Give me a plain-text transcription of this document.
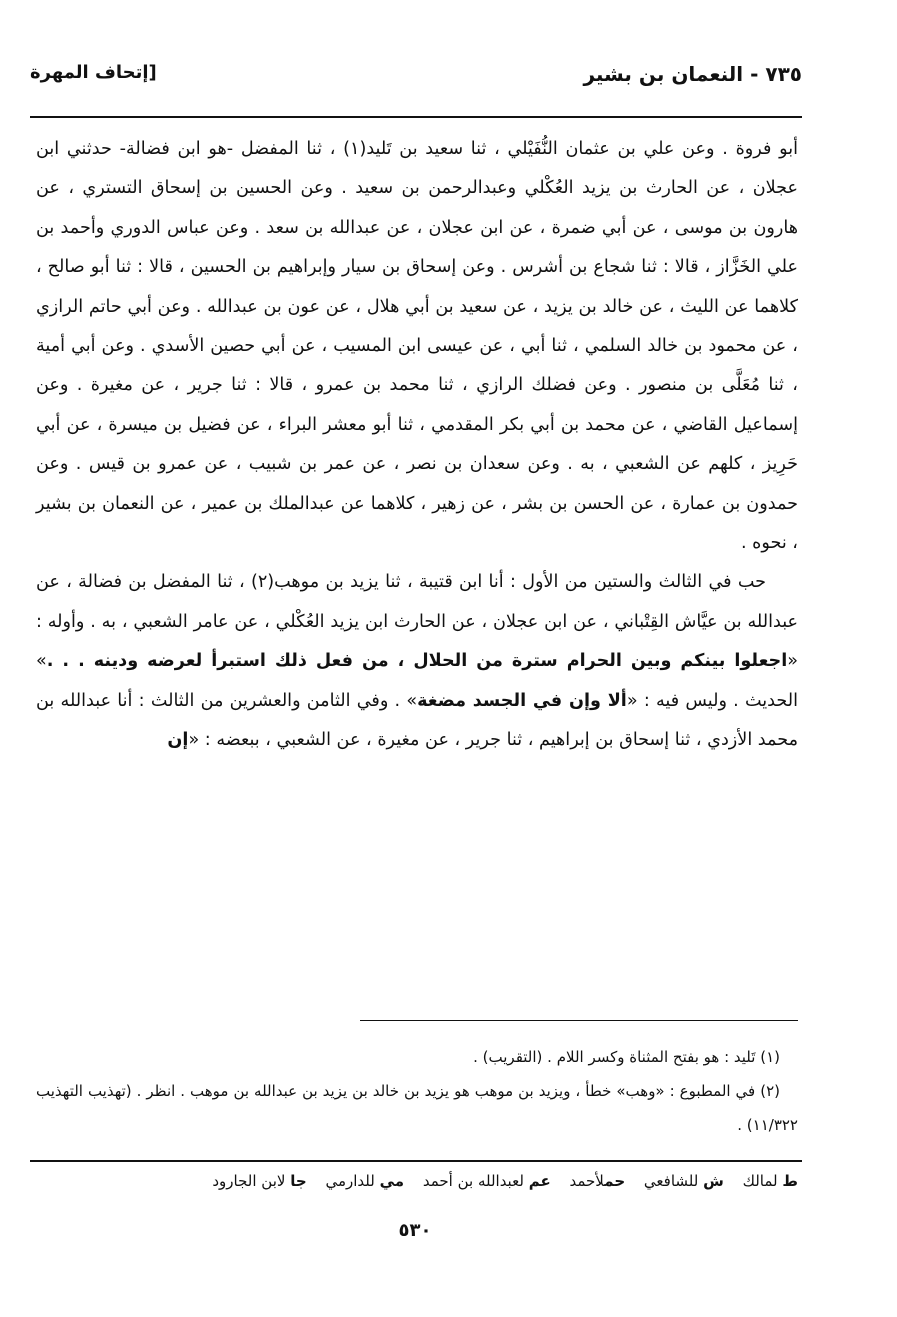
٧٣٥ - النعمان بن بشير
[إتحاف المهرة

أبو فروة . وعن علي بن عثمان النُّفَيْلي ، ثنا سعيد بن تَليد(١) ، ثنا المفضل -هو ابن فضالة- حدثني ابن عجلان ، عن الحارث بن يزيد العُكْلي وعبدالرحمن بن سعيد . وعن الحسين بن إسحاق التستري ، عن هارون بن موسى ، عن أبي ضمرة ، عن ابن عجلان ، عن عبدالله بن سعد . وعن عباس الدوري وأحمد بن علي الخَزَّاز ، قالا : ثنا شجاع بن أشرس . وعن إسحاق بن سيار وإبراهيم بن الحسين ، قالا : ثنا أبو صالح ، كلاهما عن الليث ، عن خالد بن يزيد ، عن سعيد بن أبي هلال ، عن عون بن عبدالله . وعن أبي حاتم الرازي ، عن محمود بن خالد السلمي ، ثنا أبي ، عن عيسى ابن المسيب ، عن أبي حصين الأسدي . وعن أبي أمية ، ثنا مُعَلَّى بن منصور . وعن فضلك الرازي ، ثنا محمد بن عمرو ، قالا : ثنا جرير ، عن مغيرة . وعن إسماعيل القاضي ، عن محمد بن أبي بكر المقدمي ، ثنا أبو معشر البراء ، عن فضيل بن ميسرة ، عن أبي حَرِيز ، كلهم عن الشعبي ، به . وعن سعدان بن نصر ، عن عمر بن شبيب ، عن عمرو بن قيس . وعن حمدون بن عمارة ، عن الحسن بن بشر ، عن زهير ، كلاهما عن عبدالملك بن عمير ، عن النعمان بن بشير ، نحوه .

حب في الثالث والستين من الأول : أنا ابن قتيبة ، ثنا يزيد بن موهب(٢) ، ثنا المفضل بن فضالة ، عن عبدالله بن عيَّاش القِتْباني ، عن ابن عجلان ، عن الحارث ابن يزيد العُكْلي ، عن عامر الشعبي ، به . وأوله : «اجعلوا بينكم وبين الحرام سترة من الحلال ، من فعل ذلك استبرأ لعرضه ودينه . . .» الحديث . وليس فيه : «ألا وإن في الجسد مضغة» . وفي الثامن والعشرين من الثالث : أنا عبدالله بن محمد الأزدي ، ثنا إسحاق بن إبراهيم ، ثنا جرير ، عن مغيرة ، عن الشعبي ، ببعضه : «إن

(١) تَليد : هو بفتح المثناة وكسر اللام . (التقريب) .

(٢) في المطبوع : «وهب» خطأ ، ويزيد بن موهب هو يزيد بن خالد بن يزيد بن عبدالله بن موهب . انظر . (تهذيب التهذيب ١١/٣٢٢) .

ط لمالك ش للشافعي حملأحمد عم لعبدالله بن أحمد مي للدارمي جا لابن الجارود
٥٣٠
